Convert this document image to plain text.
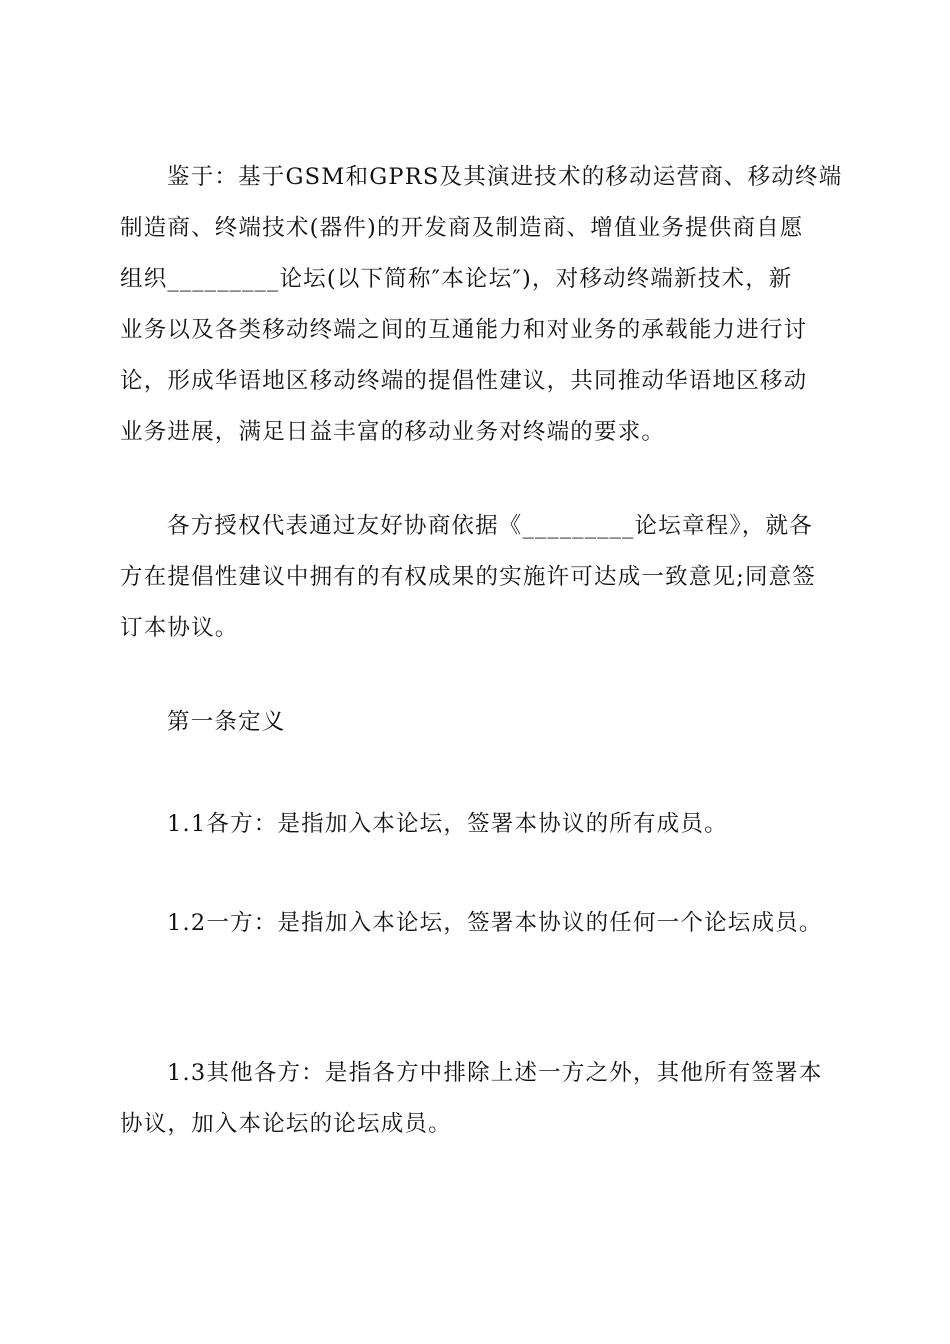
鉴于：基于GSM和GPRS及其演进技术的移动运营商、移动终端
制造商、终端技术(器件)的开发商及制造商、增值业务提供商自愿
组织_________论坛(以下简称″本论坛″)，对移动终端新技术，新
业务以及各类移动终端之间的互通能力和对业务的承载能力进行讨
论，形成华语地区移动终端的提倡性建议，共同推动华语地区移动
业务进展，满足日益丰富的移动业务对终端的要求。
各方授权代表通过友好协商依据《_________论坛章程》，就各
方在提倡性建议中拥有的有权成果的实施许可达成一致意见;同意签
订本协议。
第一条定义
1.1各方：是指加入本论坛，签署本协议的所有成员。
1.2一方：是指加入本论坛，签署本协议的任何一个论坛成员。
1.3其他各方：是指各方中排除上述一方之外，其他所有签署本
协议，加入本论坛的论坛成员。
